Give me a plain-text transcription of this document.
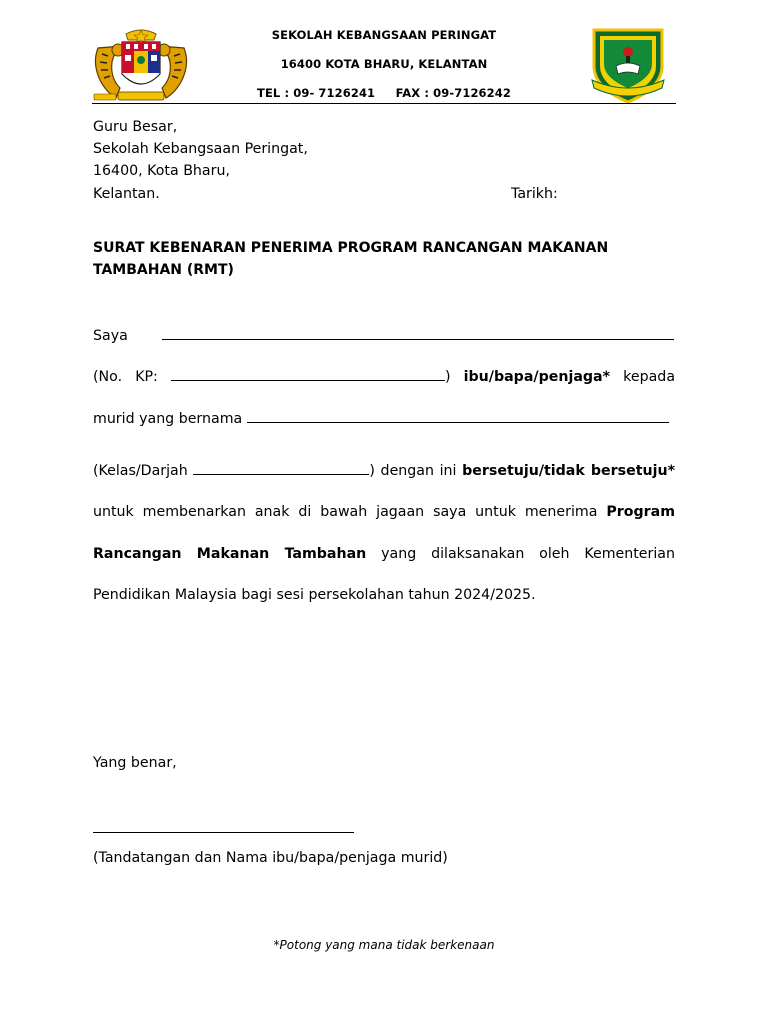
SEKOLAH KEBANGSAAN PERINGAT
16400 KOTA BHARU, KELANTAN
TEL : 09- 7126241     FAX : 09-7126242
Guru Besar,
Sekolah Kebangsaan Peringat,
16400, Kota Bharu,
Kelantan.	Tarikh:
SURAT KEBENARAN PENERIMA PROGRAM RANCANGAN MAKANAN TAMBAHAN (RMT)
Saya
(No. KP:	) ibu/bapa/penjaga* kepada
murid yang bernama
(Kelas/Darjah	) dengan ini bersetuju/tidak bersetuju*
untuk membenarkan anak di bawah jagaan saya untuk menerima Program
Rancangan Makanan Tambahan yang dilaksanakan oleh Kementerian
Pendidikan Malaysia bagi sesi persekolahan tahun 2024/2025.
Yang benar,
(Tandatangan dan Nama ibu/bapa/penjaga murid)
*Potong yang mana tidak berkenaan
